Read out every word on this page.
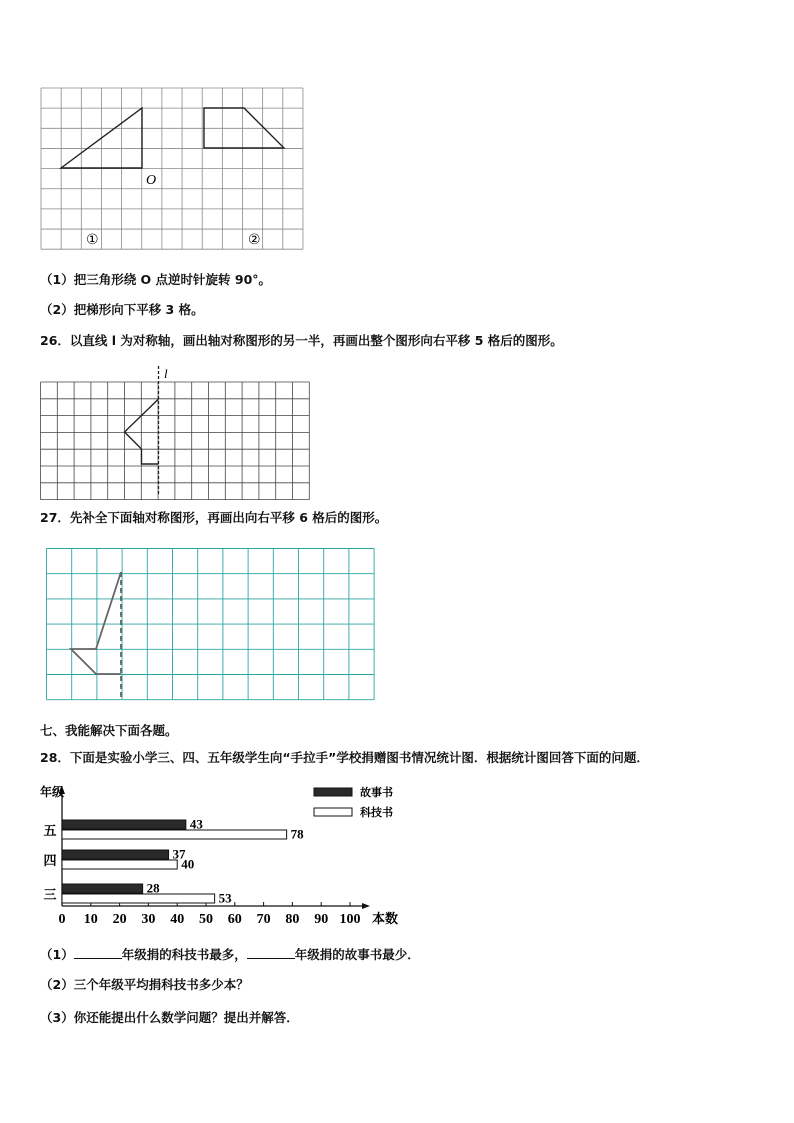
O
①	②
（1）把三角形绕 O 点逆时针旋转 90°。
（2）把梯形向下平移 3 格。
26．以直线 l 为对称轴，画出轴对称图形的另一半，再画出整个图形向右平移 5 格后的图形。
l
27．先补全下面轴对称图形，再画出向右平移 6 格后的图形。
七、我能解决下面各题。
28．下面是实验小学三、四、五年级学生向“手拉手”学校捐赠图书情况统计图．根据统计图回答下面的问题．
年级
本数
0 10 20 30 40 50 60 70 80 90 100
43
78
五
37
40
四
28
53
三
故事书
科技书
（1）	年级捐的科技书最多，	年级捐的故事书最少．
（2）三个年级平均捐科技书多少本？
（3）你还能提出什么数学问题？提出并解答．
